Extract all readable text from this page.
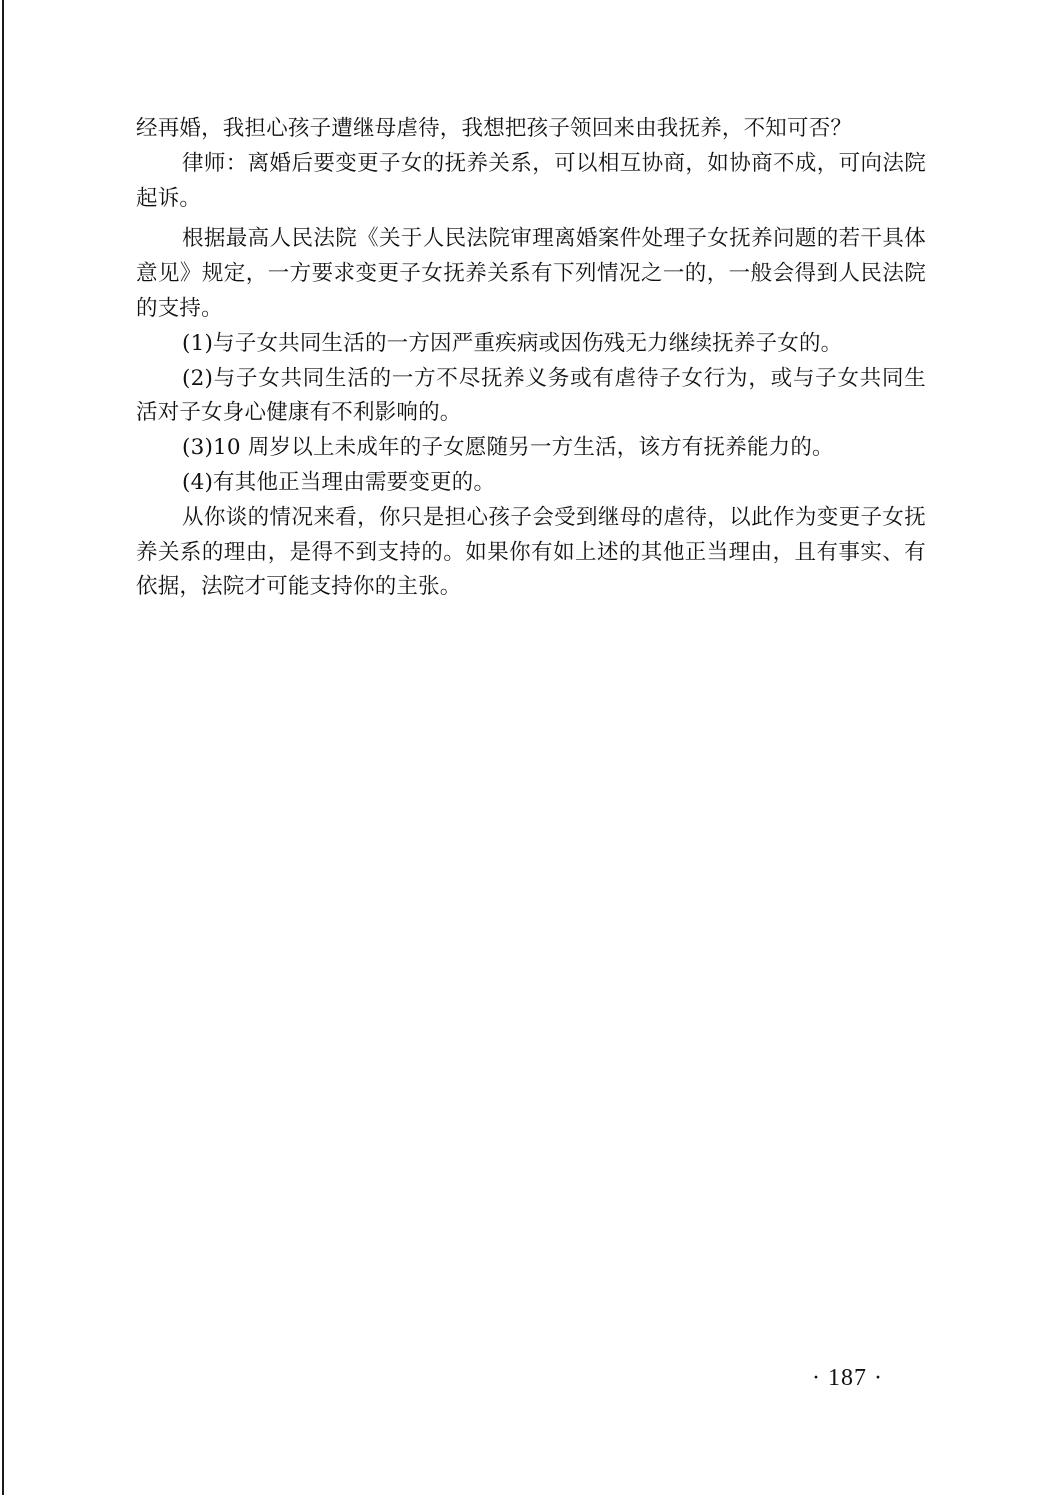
经再婚，我担心孩子遭继母虐待，我想把孩子领回来由我抚养，不知可否？

律师：离婚后要变更子女的抚养关系，可以相互协商，如协商不成，可向法院起诉。

根据最高人民法院《关于人民法院审理离婚案件处理子女抚养问题的若干具体意见》规定，一方要求变更子女抚养关系有下列情况之一的，一般会得到人民法院的支持。

(1)与子女共同生活的一方因严重疾病或因伤残无力继续抚养子女的。

(2)与子女共同生活的一方不尽抚养义务或有虐待子女行为，或与子女共同生活对子女身心健康有不利影响的。

(3)10 周岁以上未成年的子女愿随另一方生活，该方有抚养能力的。

(4)有其他正当理由需要变更的。

从你谈的情况来看，你只是担心孩子会受到继母的虐待，以此作为变更子女抚养关系的理由，是得不到支持的。如果你有如上述的其他正当理由，且有事实、有依据，法院才可能支持你的主张。

· 187 ·
